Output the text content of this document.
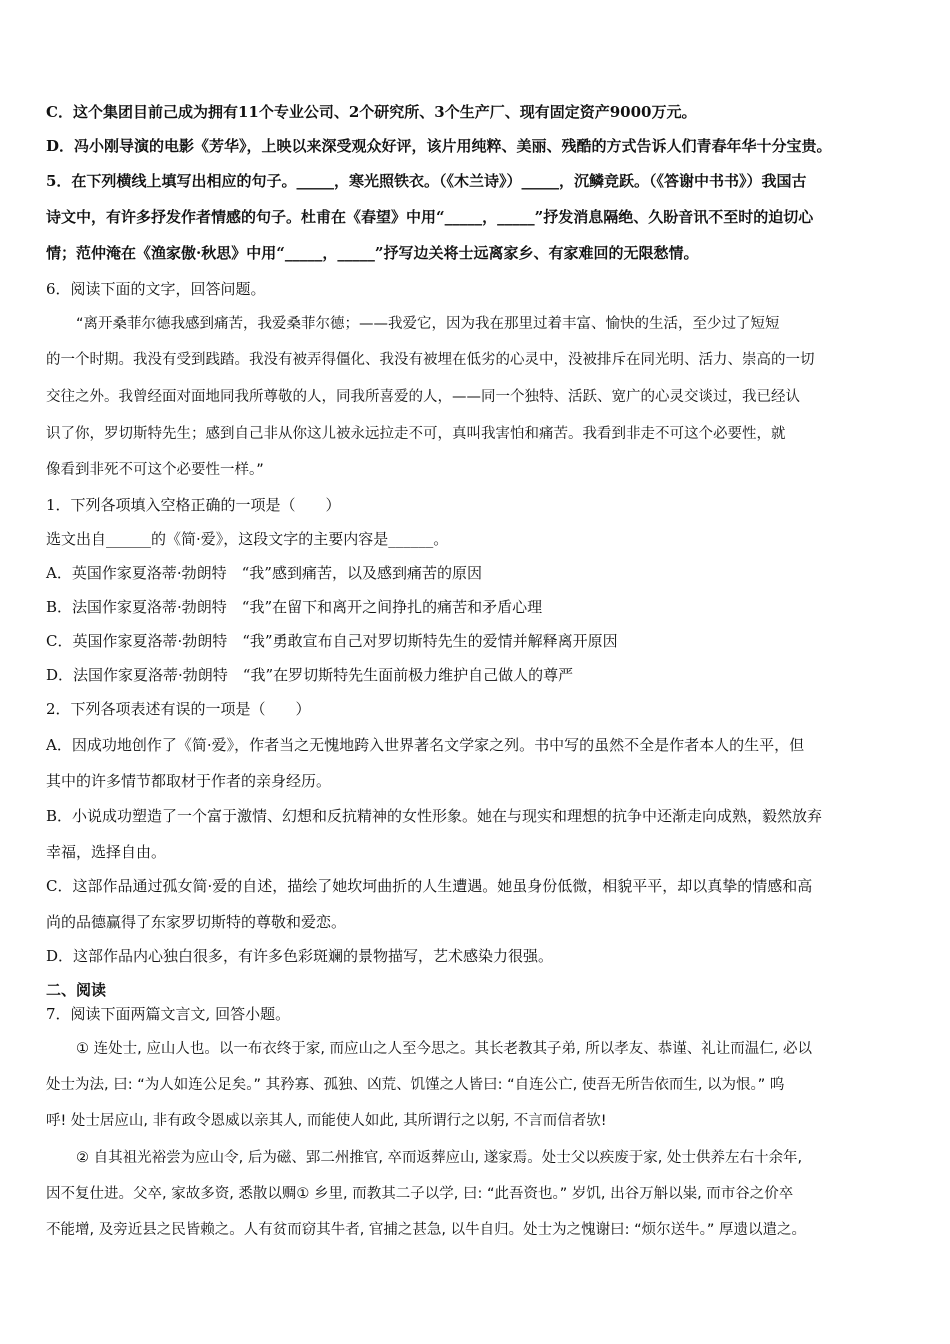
C．这个集团目前己成为拥有11个专业公司、2个研究所、3个生产厂、现有固定资产9000万元。
D．冯小刚导演的电影《芳华》，上映以来深受观众好评，该片用纯粹、美丽、残酷的方式告诉人们青春年华十分宝贵。
5．在下列横线上填写出相应的句子。_____，寒光照铁衣。（《木兰诗》）_____，沉鳞竞跃。（《答谢中书书》）我国古
诗文中，有许多抒发作者情感的句子。杜甫在《春望》中用“_____，_____”抒发消息隔绝、久盼音讯不至时的迫切心
情；范仲淹在《渔家傲·秋思》中用“_____，_____”抒写边关将士远离家乡、有家难回的无限愁情。
6．阅读下面的文字，回答问题。
“离开桑菲尔德我感到痛苦，我爱桑菲尔德；——我爱它，因为我在那里过着丰富、愉快的生活，至少过了短短
的一个时期。我没有受到践踏。我没有被弄得僵化、我没有被埋在低劣的心灵中，没被排斥在同光明、活力、崇高的一切
交往之外。我曾经面对面地同我所尊敬的人，同我所喜爱的人，——同一个独特、活跃、宽广的心灵交谈过，我已经认
识了你，罗切斯特先生；感到自己非从你这儿被永远拉走不可，真叫我害怕和痛苦。我看到非走不可这个必要性，就
像看到非死不可这个必要性一样。”
1．下列各项填入空格正确的一项是（　　）
选文出自______的《简·爱》，这段文字的主要内容是______。
A．英国作家夏洛蒂·勃朗特　“我”感到痛苦，以及感到痛苦的原因
B．法国作家夏洛蒂·勃朗特　“我”在留下和离开之间挣扎的痛苦和矛盾心理
C．英国作家夏洛蒂·勃朗特　“我”勇敢宣布自己对罗切斯特先生的爱情并解释离开原因
D．法国作家夏洛蒂·勃朗特　“我”在罗切斯特先生面前极力维护自己做人的尊严
2．下列各项表述有误的一项是（　　）
A．因成功地创作了《简·爱》，作者当之无愧地跨入世界著名文学家之列。书中写的虽然不全是作者本人的生平，但
其中的许多情节都取材于作者的亲身经历。
B．小说成功塑造了一个富于激情、幻想和反抗精神的女性形象。她在与现实和理想的抗争中还渐走向成熟，毅然放弃
幸福，选择自由。
C．这部作品通过孤女简·爱的自述，描绘了她坎坷曲折的人生遭遇。她虽身份低微，相貌平平，却以真挚的情感和高
尚的品德赢得了东家罗切斯特的尊敬和爱恋。
D．这部作品内心独白很多，有许多色彩斑斓的景物描写，艺术感染力很强。
二、阅读
7．阅读下面两篇文言文, 回答小题。
① 连处士, 应山人也。以一布衣终于家, 而应山之人至今思之。其长老教其子弟, 所以孝友、恭谨、礼让而温仁, 必以
处士为法, 曰: “为人如连公足矣。” 其矜寡、孤独、凶荒、饥馑之人皆曰: “自连公亡, 使吾无所告依而生, 以为恨。” 呜
呼! 处士居应山, 非有政令恩威以亲其人, 而能使人如此, 其所谓行之以躬, 不言而信者欤!
② 自其祖光裕尝为应山令, 后为磁、郢二州推官, 卒而返葬应山, 遂家焉。处士父以疾废于家, 处士供养左右十余年,
因不复仕进。父卒, 家故多资, 悉散以赒① 乡里, 而教其二子以学, 曰: “此吾资也。” 岁饥, 出谷万斛以粜, 而市谷之价卒
不能增, 及旁近县之民皆赖之。人有贫而窃其牛者, 官捕之甚急, 以牛自归。处士为之愧谢曰: “烦尔送牛。” 厚遗以遣之。
